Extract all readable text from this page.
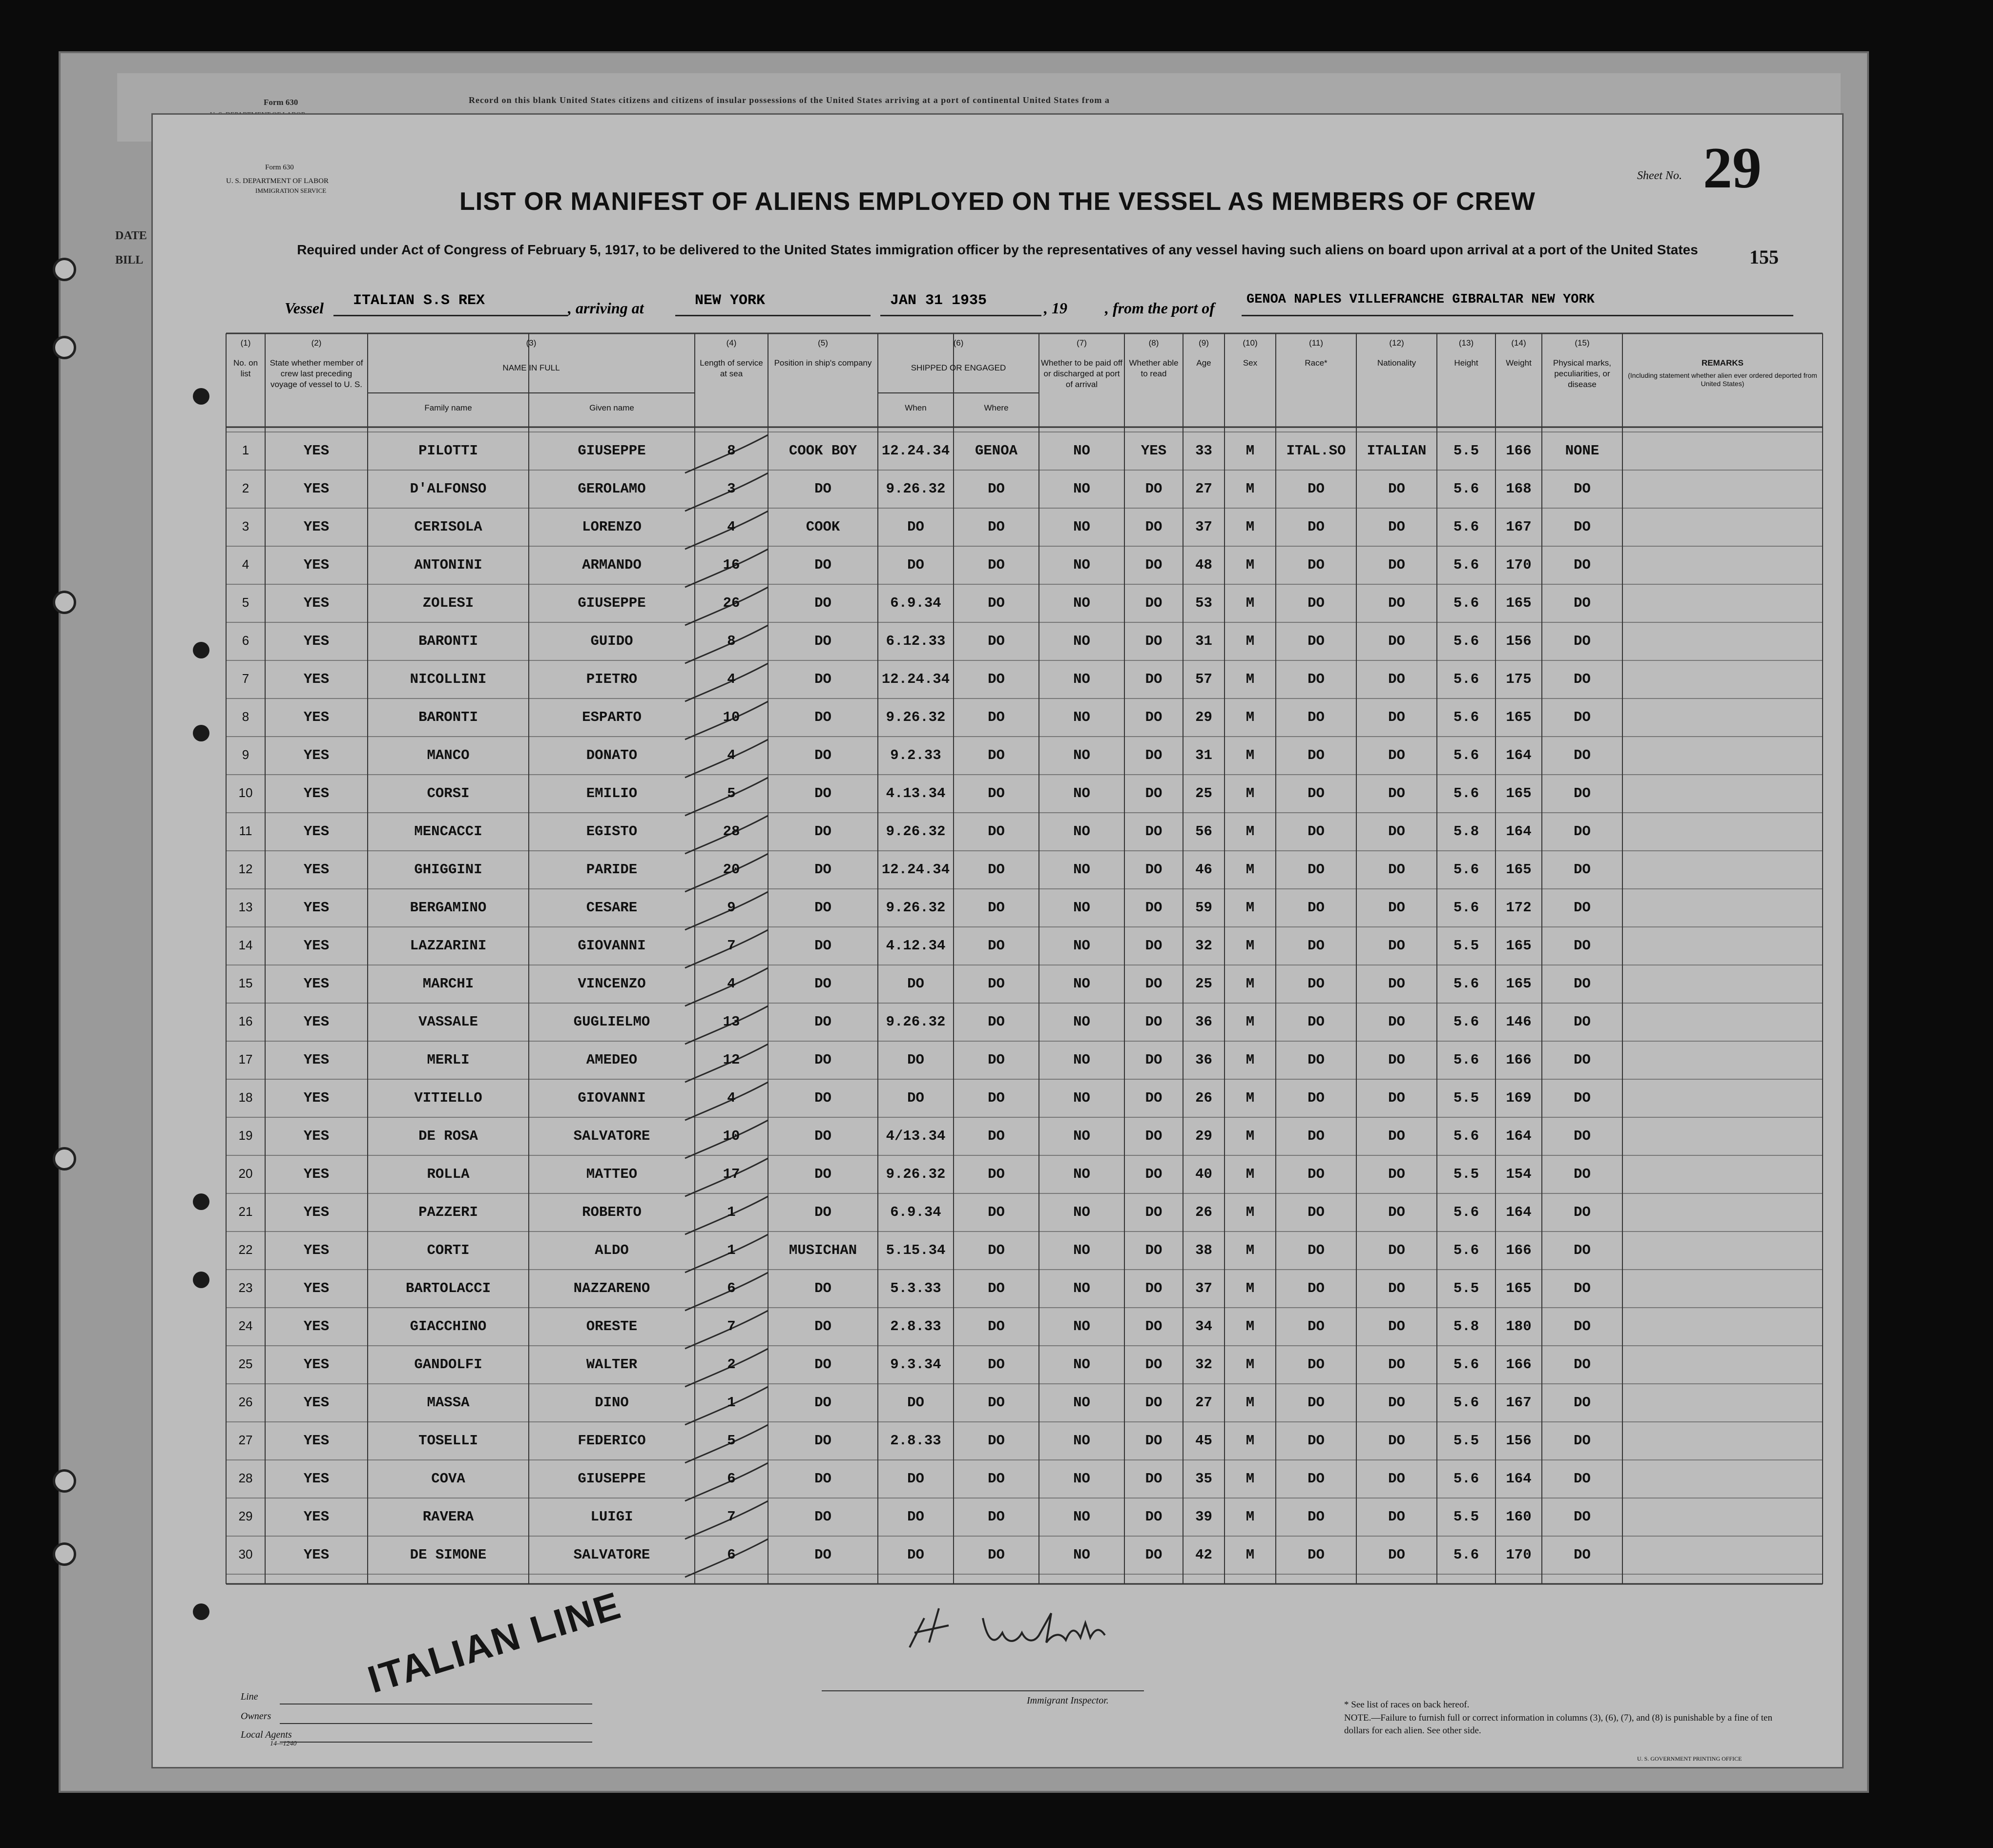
Form 630	Record on this blank United States citizens and citizens of insular possessions of the United States arriving at a port of continental United States from a
DATE
BILL
Form 630
U. S. DEPARTMENT OF LABOR
IMMIGRATION SERVICE	LIST OR MANIFEST OF ALIENS EMPLOYED ON THE VESSEL AS MEMBERS OF CREW
Required under Act of Congress of February 5, 1917, to be delivered to the United States immigration officer by the representatives of any vessel having such aliens on board upon arrival at a port of the United States
Sheet No. 29
155
Vessel ITALIAN S.S REX	, arriving at	NEW YORK	JAN 31 1935	, 19 , from the port of GENOA NAPLES VILLEFRANCHE GIBRALTAR NEW YORK
(1)
No. on list
(2)
State whether member of crew last preceding voyage of vessel to U. S.
(3)
NAME IN FULL
Family name	Given name
(4)
Length of service at sea
(5)
Position in ship's company
(6)
SHIPPED OR ENGAGED
When	Where
(7)
Whether to be paid off or discharged at port of arrival
(8)
Whether able to read
(9)
Age
(10)
Sex
(11)
Race*
(12)
Nationality
(13)
Height
(14)
Weight
(15)
Physical marks, peculiarities, or disease
REMARKS
(Including statement whether alien ever ordered deported from United States)
1	YES	PILOTTI	GIUSEPPE	8	COOK BOY	12.24.34	GENOA	NO	YES	33	M	ITAL.SO	ITALIAN	5.5	166	NONE
2	YES	D'ALFONSO	GEROLAMO	3	DO	9.26.32	DO	NO	DO	27	M	DO	DO	5.6	168	DO
3	YES	CERISOLA	LORENZO	4	COOK	DO	DO	NO	DO	37	M	DO	DO	5.6	167	DO
4	YES	ANTONINI	ARMANDO	16	DO	DO	DO	NO	DO	48	M	DO	DO	5.6	170	DO
5	YES	ZOLESI	GIUSEPPE	26	DO	6.9.34	DO	NO	DO	53	M	DO	DO	5.6	165	DO
6	YES	BARONTI	GUIDO	8	DO	6.12.33	DO	NO	DO	31	M	DO	DO	5.6	156	DO
7	YES	NICOLLINI	PIETRO	4	DO	12.24.34	DO	NO	DO	57	M	DO	DO	5.6	175	DO
8	YES	BARONTI	ESPARTO	10	DO	9.26.32	DO	NO	DO	29	M	DO	DO	5.6	165	DO
9	YES	MANCO	DONATO	4	DO	9.2.33	DO	NO	DO	31	M	DO	DO	5.6	164	DO
10	YES	CORSI	EMILIO	5	DO	4.13.34	DO	NO	DO	25	M	DO	DO	5.6	165	DO
11	YES	MENCACCI	EGISTO	28	DO	9.26.32	DO	NO	DO	56	M	DO	DO	5.8	164	DO
12	YES	GHIGGINI	PARIDE	20	DO	12.24.34	DO	NO	DO	46	M	DO	DO	5.6	165	DO
13	YES	BERGAMINO	CESARE	9	DO	9.26.32	DO	NO	DO	59	M	DO	DO	5.6	172	DO
14	YES	LAZZARINI	GIOVANNI	7	DO	4.12.34	DO	NO	DO	32	M	DO	DO	5.5	165	DO
15	YES	MARCHI	VINCENZO	4	DO	DO	DO	NO	DO	25	M	DO	DO	5.6	165	DO
16	YES	VASSALE	GUGLIELMO	13	DO	9.26.32	DO	NO	DO	36	M	DO	DO	5.6	146	DO
17	YES	MERLI	AMEDEO	12	DO	DO	DO	NO	DO	36	M	DO	DO	5.6	166	DO
18	YES	VITIELLO	GIOVANNI	4	DO	DO	DO	NO	DO	26	M	DO	DO	5.5	169	DO
19	YES	DE ROSA	SALVATORE	10	DO	4/13.34	DO	NO	DO	29	M	DO	DO	5.6	164	DO
20	YES	ROLLA	MATTEO	17	DO	9.26.32	DO	NO	DO	40	M	DO	DO	5.5	154	DO
21	YES	PAZZERI	ROBERTO	1	DO	6.9.34	DO	NO	DO	26	M	DO	DO	5.6	164	DO
22	YES	CORTI	ALDO	1	MUSICHAN	5.15.34	DO	NO	DO	38	M	DO	DO	5.6	166	DO
23	YES	BARTOLACCI	NAZZARENO	6	DO	5.3.33	DO	NO	DO	37	M	DO	DO	5.5	165	DO
24	YES	GIACCHINO	ORESTE	7	DO	2.8.33	DO	NO	DO	34	M	DO	DO	5.8	180	DO
25	YES	GANDOLFI	WALTER	2	DO	9.3.34	DO	NO	DO	32	M	DO	DO	5.6	166	DO
26	YES	MASSA	DINO	1	DO	DO	DO	NO	DO	27	M	DO	DO	5.6	167	DO
27	YES	TOSELLI	FEDERICO	5	DO	2.8.33	DO	NO	DO	45	M	DO	DO	5.5	156	DO
28	YES	COVA	GIUSEPPE	6	DO	DO	DO	NO	DO	35	M	DO	DO	5.6	164	DO
29	YES	RAVERA	LUIGI	7	DO	DO	DO	NO	DO	39	M	DO	DO	5.5	160	DO
30	YES	DE SIMONE	SALVATORE	6	DO	DO	DO	NO	DO	42	M	DO	DO	5.6	170	DO
Line
Owners
Local Agents
14—1240
ITALIAN LINE	Immigrant Inspector.	* See list of races on back hereof.
NOTE.—Failure to furnish full or correct information in columns (3), (6), (7), and (8) is punishable by a fine of ten dollars for each alien. See other side.
U. S. GOVERNMENT PRINTING OFFICE
